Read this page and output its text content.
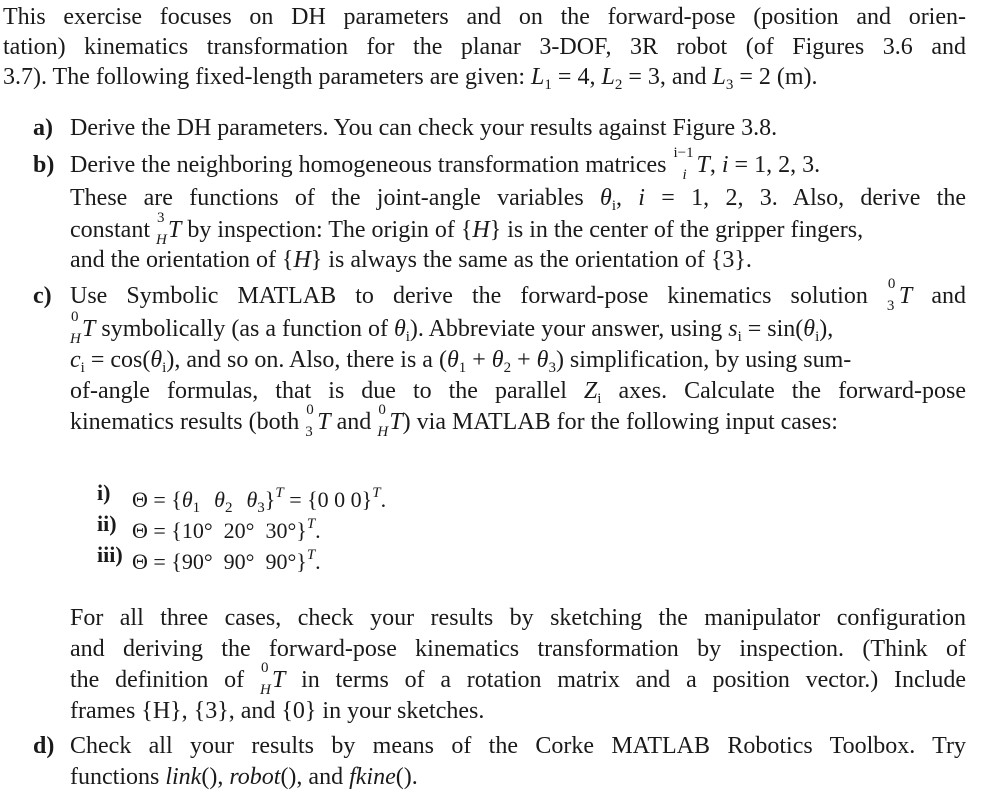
This exercise focuses on DH parameters and on the forward-pose (position and orien-
tation) kinematics transformation for the planar 3-DOF, 3R robot (of Figures 3.6 and
3.7). The following fixed-length parameters are given: $L_1 = 4$, $L_2 = 3$, and $L_3 = 2$ (m).
a) Derive the DH parameters. You can check your results against Figure 3.8.
b) Derive the neighboring homogeneous transformation matrices i−1
i T, i = 1, 2, 3.
These are functions of the joint-angle variables $\theta_i$, i = 1, 2, 3. Also, derive the
constant 3
H T by inspection: The origin of {H} is in the center of the gripper fingers,
and the orientation of {H} is always the same as the orientation of {3}.
c) Use Symbolic MATLAB to derive the forward-pose kinematics solution 0
3 T and
0
H T symbolically (as a function of $\theta_i$). Abbreviate your answer, using $s_i = \sin(\theta_i)$,
$c_i = \cos(\theta_i)$, and so on. Also, there is a $(\theta_1 + \theta_2 + \theta_3)$ simplification, by using sum-
of-angle formulas, that is due to the parallel $Z_i$ axes. Calculate the forward-pose
kinematics results (both 0
3 T and 0
H T) via MATLAB for the following input cases:
i) $\Theta = \{\theta_1$ $\theta_2$ $\theta_3\}^T = \{0$ 0 0}$^T$.
ii) Θ = {10°  20°  30°}$^T$.
iii) Θ = {90°  90°  90°}$^T$.
For all three cases, check your results by sketching the manipulator configuration
and deriving the forward-pose kinematics transformation by inspection. (Think of
the definition of 0
H T in terms of a rotation matrix and a position vector.) Include
frames {H}, {3}, and {0} in your sketches.
d) Check all your results by means of the Corke MATLAB Robotics Toolbox. Try
functions link(), robot(), and fkine().
